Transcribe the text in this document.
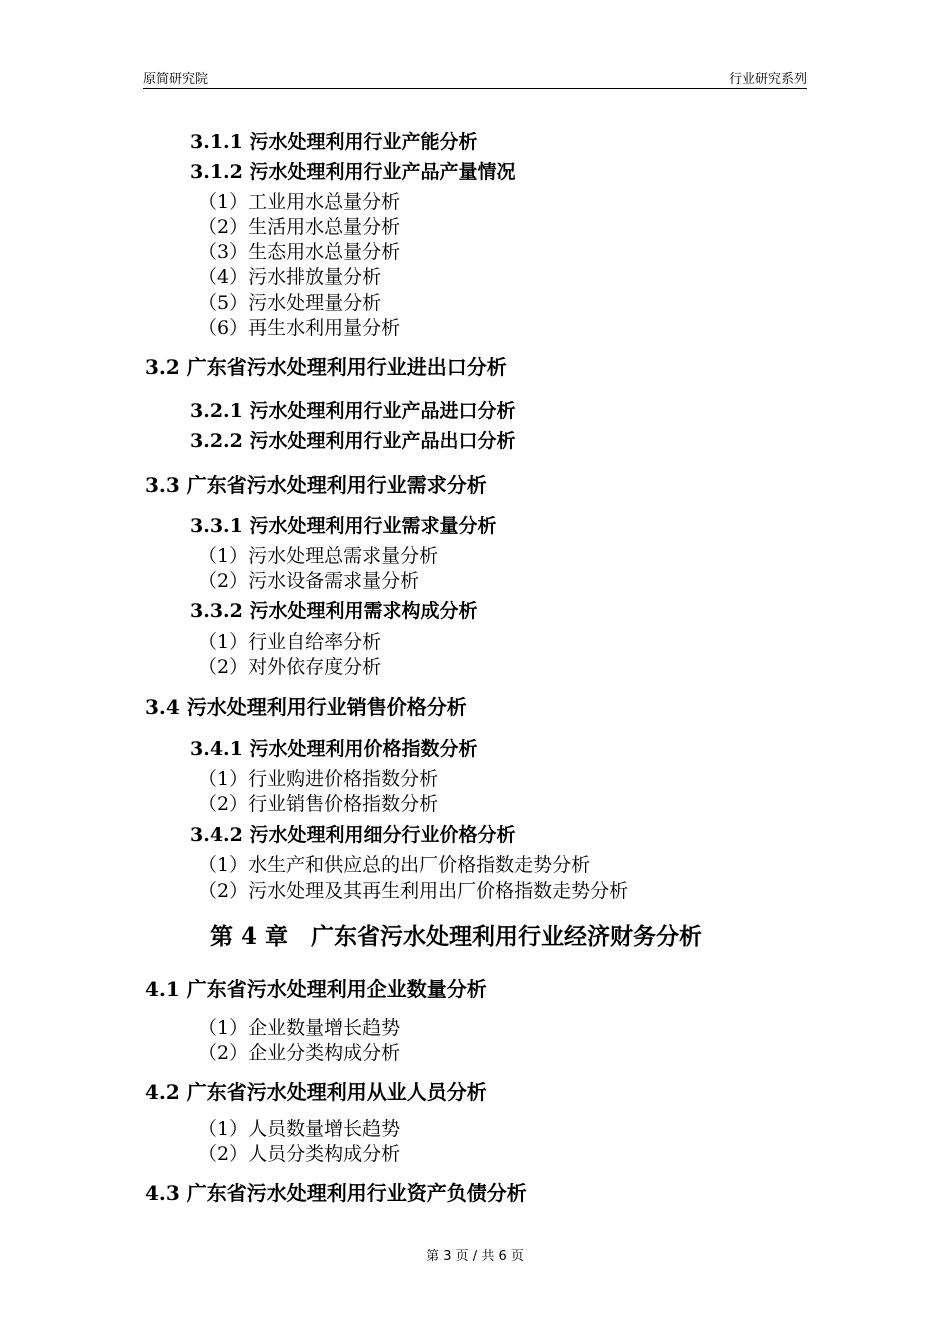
原简研究院	行业研究系列
3.1.1 污水处理利用行业产能分析
3.1.2 污水处理利用行业产品产量情况
（1）工业用水总量分析
（2）生活用水总量分析
（3）生态用水总量分析
（4）污水排放量分析
（5）污水处理量分析
（6）再生水利用量分析
3.2 广东省污水处理利用行业进出口分析
3.2.1 污水处理利用行业产品进口分析
3.2.2 污水处理利用行业产品出口分析
3.3 广东省污水处理利用行业需求分析
3.3.1 污水处理利用行业需求量分析
（1）污水处理总需求量分析
（2）污水设备需求量分析
3.3.2 污水处理利用需求构成分析
（1）行业自给率分析
（2）对外依存度分析
3.4 污水处理利用行业销售价格分析
3.4.1 污水处理利用价格指数分析
（1）行业购进价格指数分析
（2）行业销售价格指数分析
3.4.2 污水处理利用细分行业价格分析
（1）水生产和供应总的出厂价格指数走势分析
（2）污水处理及其再生利用出厂价格指数走势分析
第 4 章　广东省污水处理利用行业经济财务分析
4.1 广东省污水处理利用企业数量分析
（1）企业数量增长趋势
（2）企业分类构成分析
4.2 广东省污水处理利用从业人员分析
（1）人员数量增长趋势
（2）人员分类构成分析
4.3 广东省污水处理利用行业资产负债分析
第 3 页 / 共 6 页
